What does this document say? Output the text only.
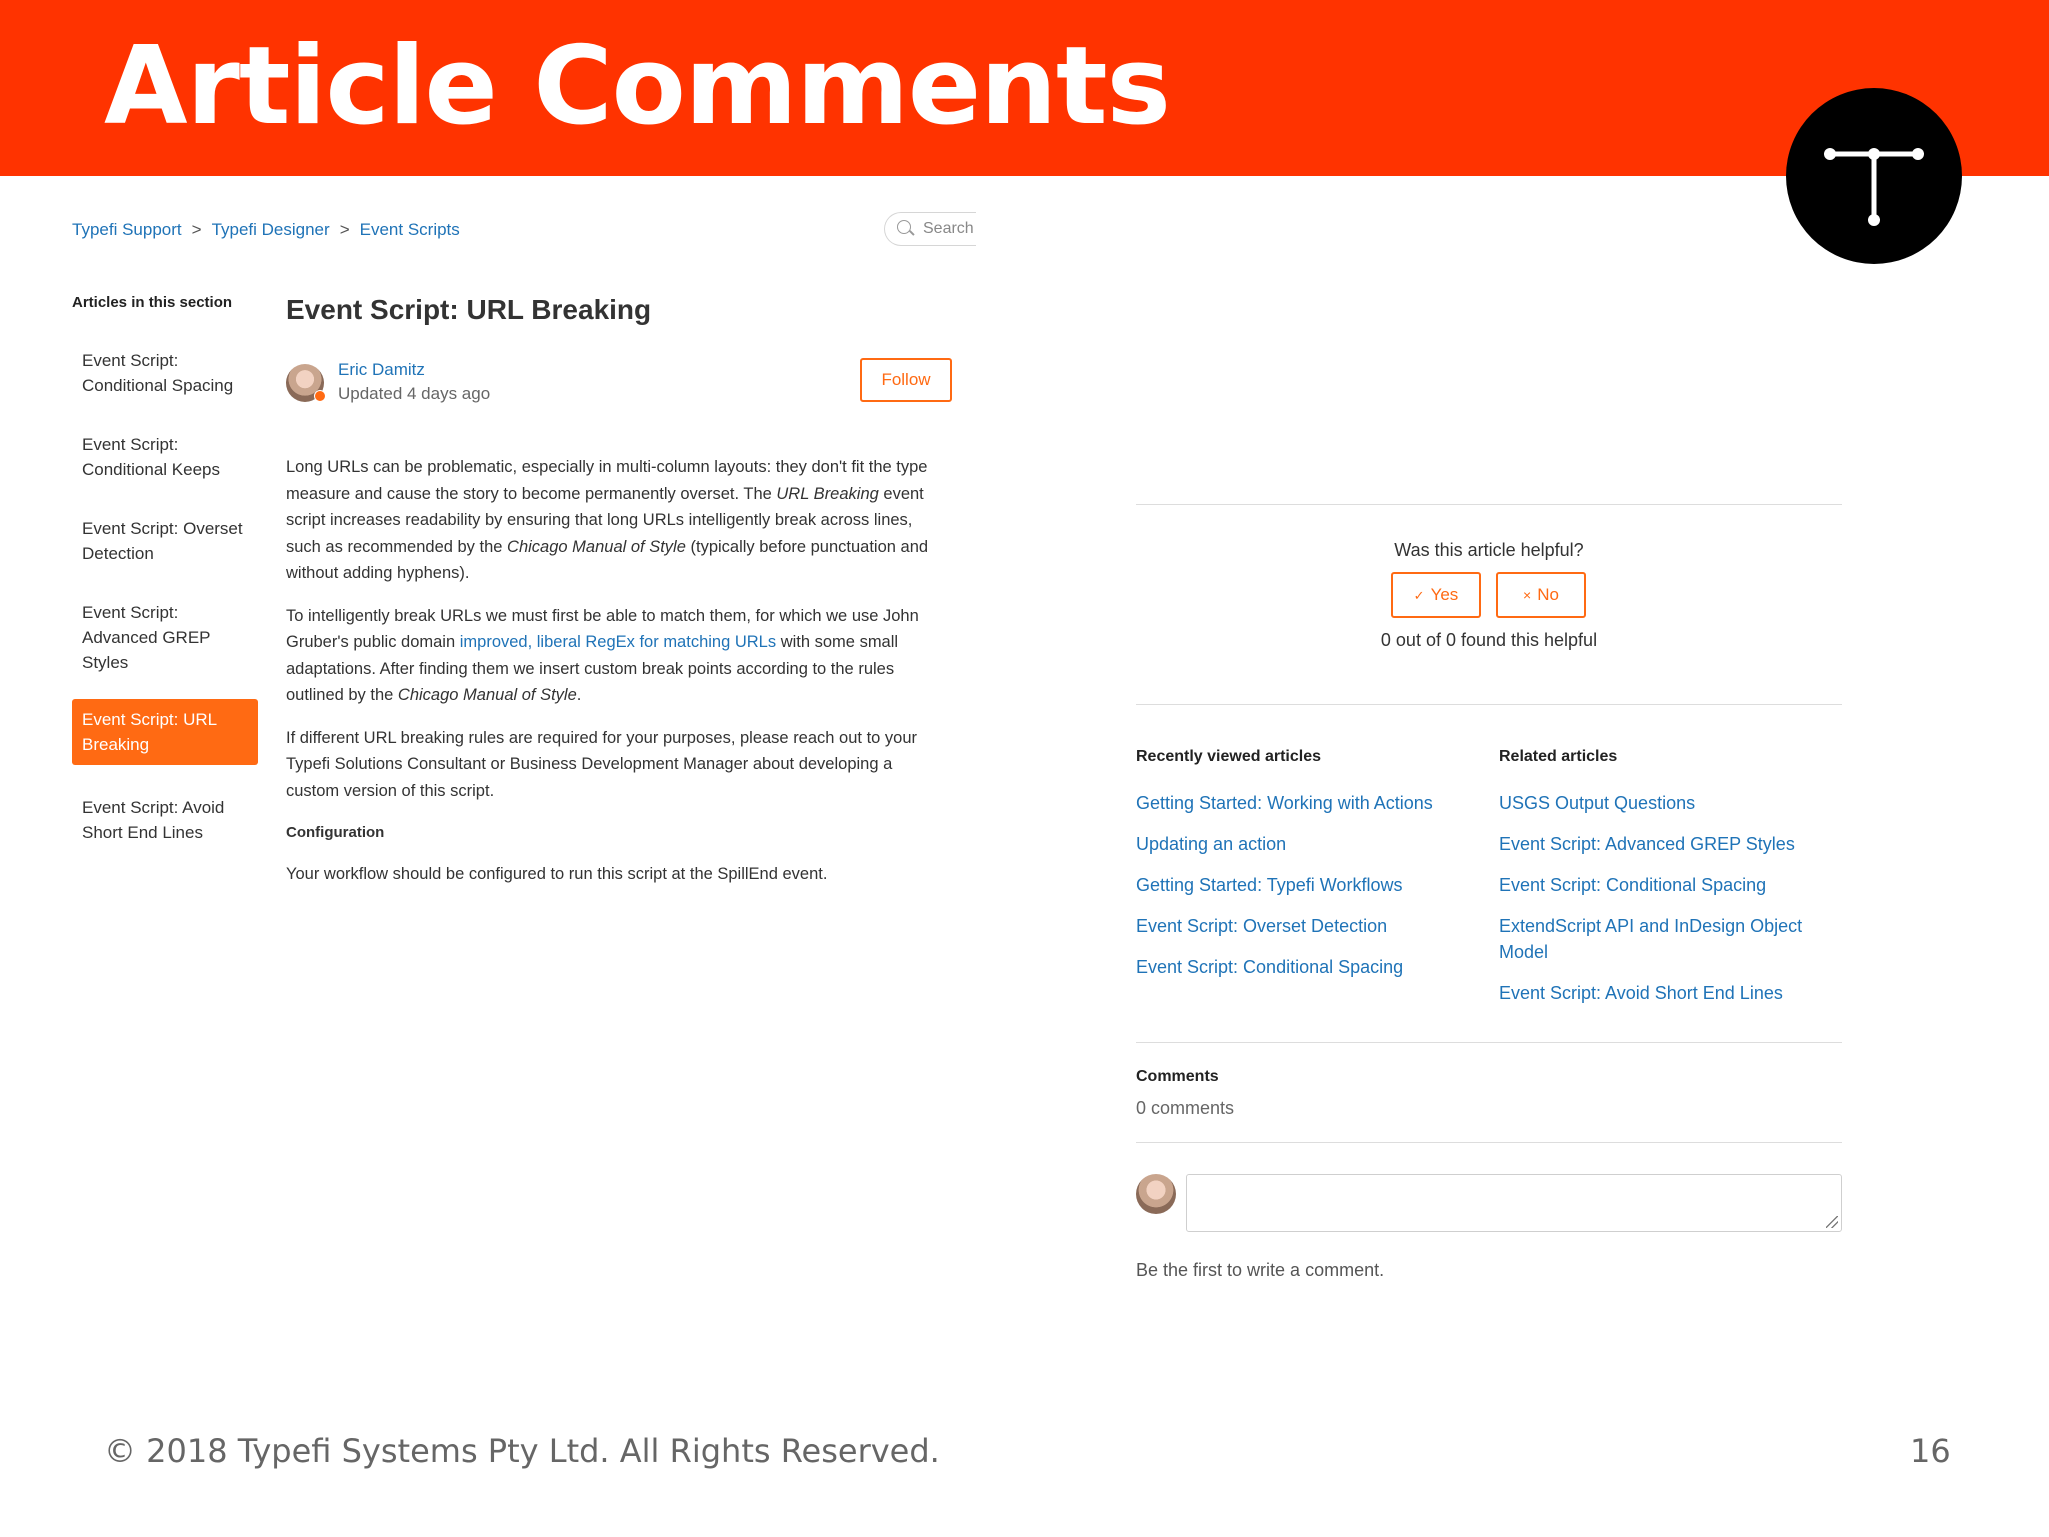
Article Comments
Typefi Support > Typefi Designer > Event Scripts	Search
Articles in this section
Event Script: Conditional Spacing
Event Script: Conditional Keeps
Event Script: Overset Detection
Event Script: Advanced GREP Styles
Event Script: URL Breaking
Event Script: Avoid Short End Lines
Event Script: URL Breaking
Eric Damitz
Updated 4 days ago
Follow

Long URLs can be problematic, especially in multi-column layouts: they don't fit the type measure and cause the story to become permanently overset. The URL Breaking event script increases readability by ensuring that long URLs intelligently break across lines, such as recommended by the Chicago Manual of Style (typically before punctuation and without adding hyphens).

To intelligently break URLs we must first be able to match them, for which we use John Gruber's public domain improved, liberal RegEx for matching URLs with some small adaptations. After finding them we insert custom break points according to the rules outlined by the Chicago Manual of Style.

If different URL breaking rules are required for your purposes, please reach out to your Typefi Solutions Consultant or Business Development Manager about developing a custom version of this script.

Configuration

Your workflow should be configured to run this script at the SpillEnd event.

Was this article helpful?
✓ Yes	× No
0 out of 0 found this helpful
Recently viewed articles
Getting Started: Working with Actions
Updating an action
Getting Started: Typefi Workflows
Event Script: Overset Detection
Event Script: Conditional Spacing
Related articles
USGS Output Questions
Event Script: Advanced GREP Styles
Event Script: Conditional Spacing
ExtendScript API and InDesign Object Model
Event Script: Avoid Short End Lines
Comments
0 comments
Be the first to write a comment.
© 2018 Typefi Systems Pty Ltd. All Rights Reserved.	16
